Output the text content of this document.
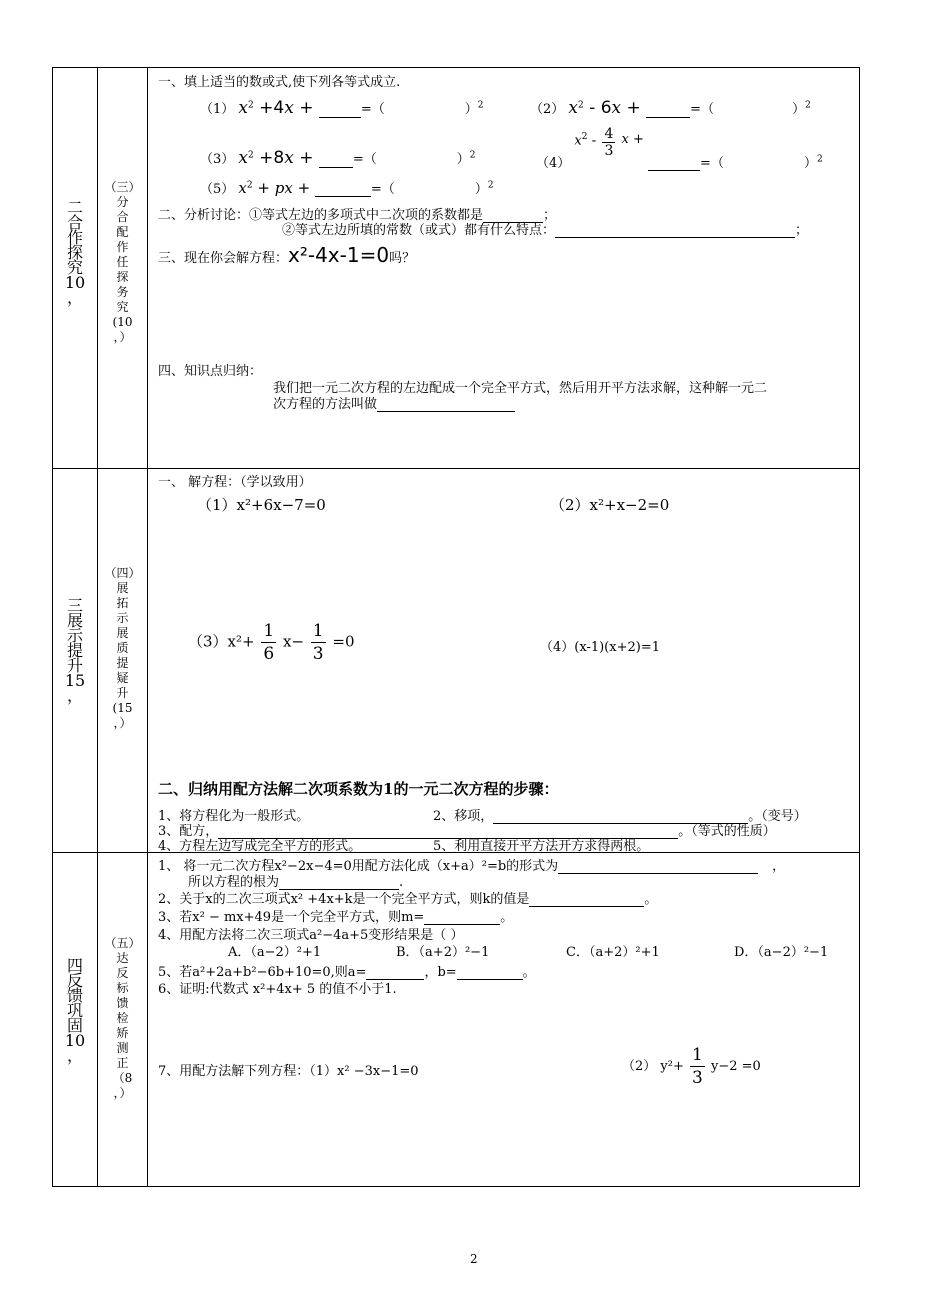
二
合
作
探
究
10
，
（三）
分
合
配
作
任
探
务
究
(10
，）
三
展
示
提
升
15
，
（四）
展
拓
示
展
质
提
疑
升
(15
，）
四
反
馈
巩
固
10
，
（五）
达
反
标
馈
检
矫
测
正
（8
，）
一、填上适当的数或式,使下列各等式成立.
（1） $x^2 +4x$ +	=（	）$^2$	（2） $x^2 - 6x$ +	=（	）$^2$
（3） $x^2 +8x$ +	=（	）$^2$
（4） $x^2 - \frac{4}{3}$ x + =（	）$^2$
（5） $x^2$ + px +	=（	）$^2$
二、分析讨论：①等式左边的多项式中二次项的系数都是	；
②等式左边所填的常数（或式）都有什么特点：	；
三、现在你会解方程：x²-4x-1=0吗？
四、知识点归纳：
我们把一元二次方程的左边配成一个完全平方式，然后用开平方法求解，这种解一元二
次方程的方法叫做
一、 解方程：（学以致用）
（1）x²+6x−7=0	（2）x²+x−2=0
$(3)x^2+ \frac{1}{6} x- \frac{1}{3} =0$	（4）(x-1)(x+2)=1
二、归纳用配方法解二次项系数为1的一元二次方程的步骤：
1、将方程化为一般形式。	2、移项，	。（变号）
3、配方，	。（等式的性质）
4、方程左边写成完全平方的形式。	5、利用直接开平方法开方求得两根。
1、 将一元二次方程x²−2x−4=0用配方法化成（x+a）²=b的形式为	，
所以方程的根为	.
2、关于x的二次三项式x² +4x+k是一个完全平方式，则k的值是	。
3、若x² − mx+49是一个完全平方式，则m=	。
4、用配方法将二次三项式a²−4a+5变形结果是（ ）
A．（a−2）²+1	B．（a+2）²−1	C．（a+2）²+1	D．（a−2）²−1
5、若a²+2a+b²−6b+10=0,则a=	，b=	。
6、证明:代数式 x²+4x+ 5 的值不小于1.
7、用配方法解下列方程：（1）x² −3x−1=0	（2） $y^2+ \frac{1}{3} y-2 =0$
2
